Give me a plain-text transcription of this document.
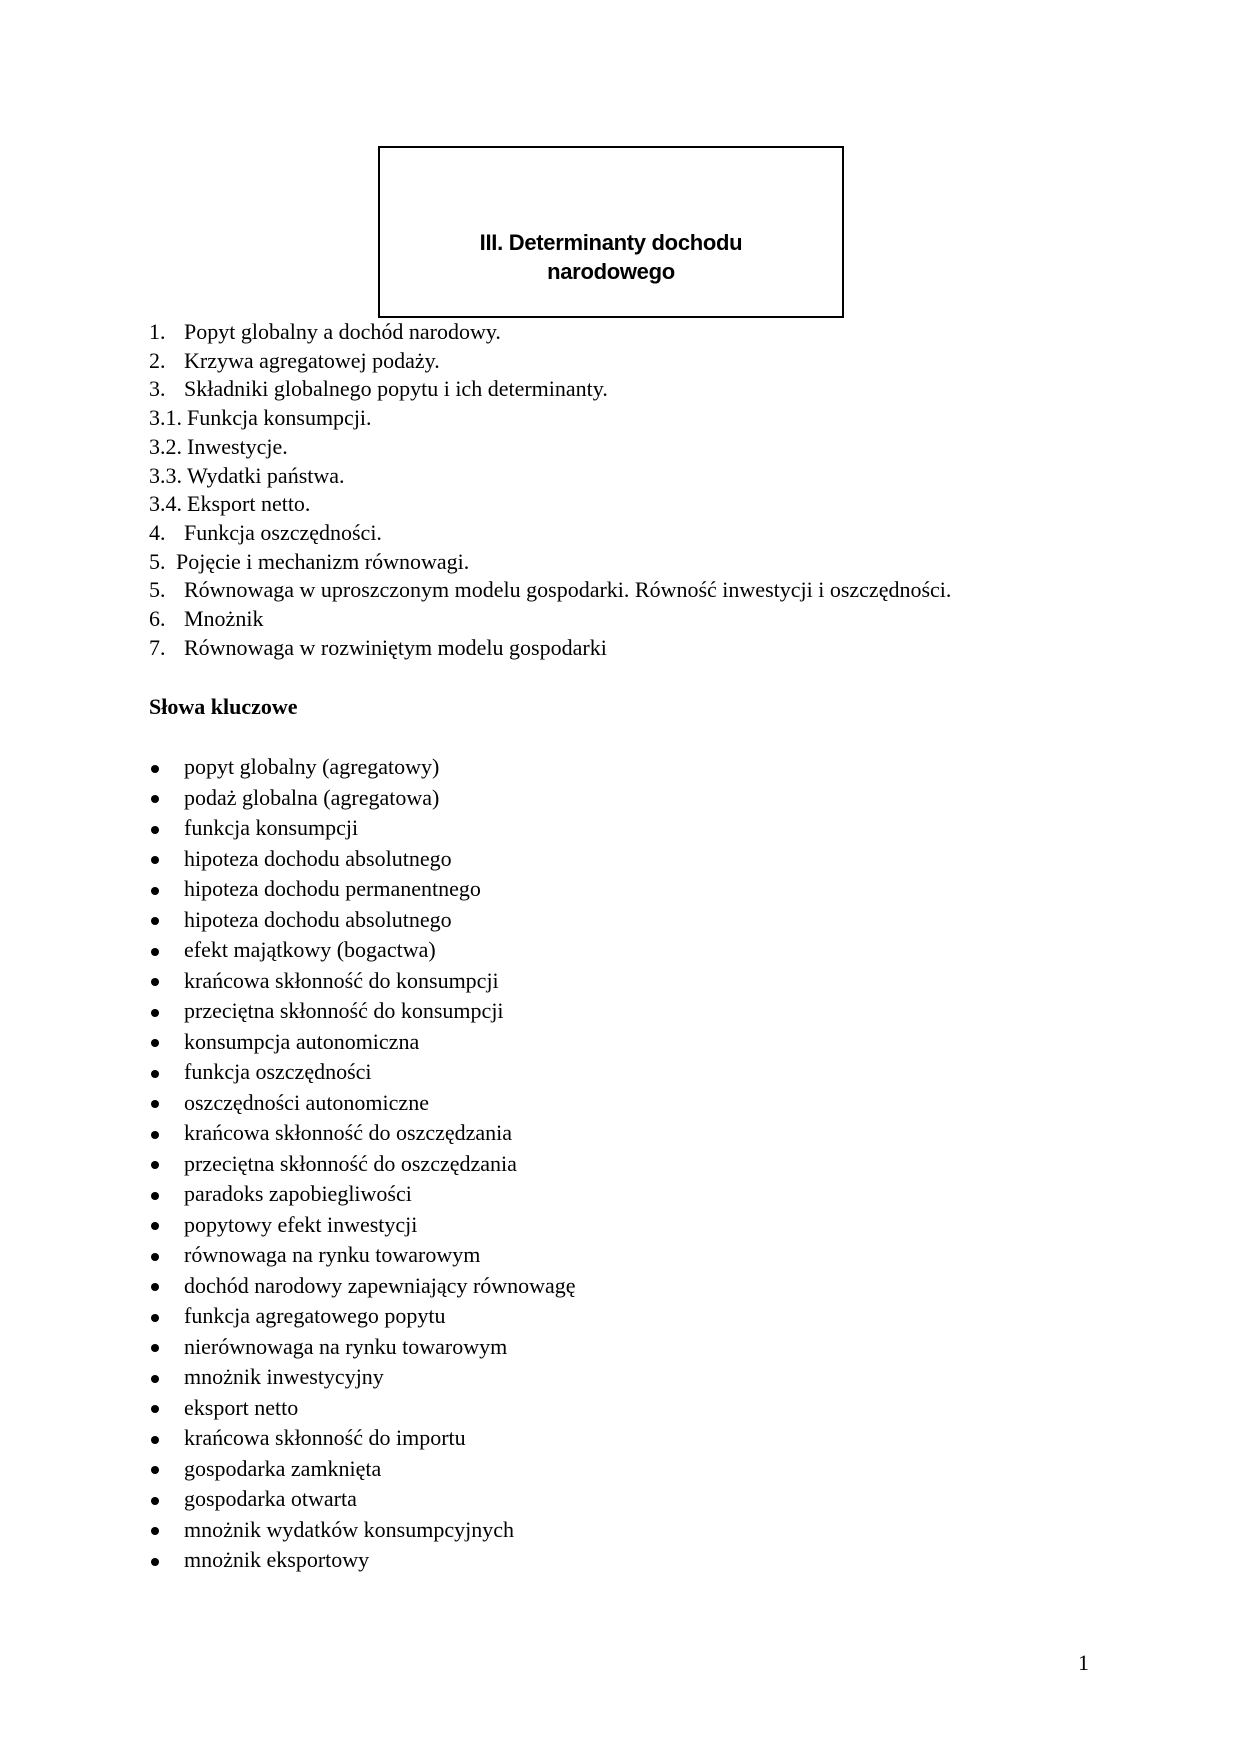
III. Determinanty dochodu
narodowego
1. Popyt globalny a dochód narodowy.
2. Krzywa agregatowej podaży.
3. Składniki globalnego popytu i ich determinanty.
3.1. Funkcja konsumpcji.
3.2. Inwestycje.
3.3. Wydatki państwa.
3.4. Eksport netto.
4. Funkcja oszczędności.
5. Pojęcie i mechanizm równowagi.
5. Równowaga w uproszczonym modelu gospodarki. Równość inwestycji i oszczędności.
6. Mnożnik
7. Równowaga w rozwiniętym modelu gospodarki
Słowa kluczowe
popyt globalny (agregatowy)
podaż globalna (agregatowa)
funkcja konsumpcji
hipoteza dochodu absolutnego
hipoteza dochodu permanentnego
hipoteza dochodu absolutnego
efekt majątkowy (bogactwa)
krańcowa skłonność do konsumpcji
przeciętna skłonność do konsumpcji
konsumpcja autonomiczna
funkcja oszczędności
oszczędności autonomiczne
krańcowa skłonność do oszczędzania
przeciętna skłonność do oszczędzania
paradoks zapobiegliwości
popytowy efekt inwestycji
równowaga na rynku towarowym
dochód narodowy zapewniający równowagę
funkcja agregatowego popytu
nierównowaga na rynku towarowym
mnożnik inwestycyjny
eksport netto
krańcowa skłonność do importu
gospodarka zamknięta
gospodarka otwarta
mnożnik wydatków konsumpcyjnych
mnożnik eksportowy
1
